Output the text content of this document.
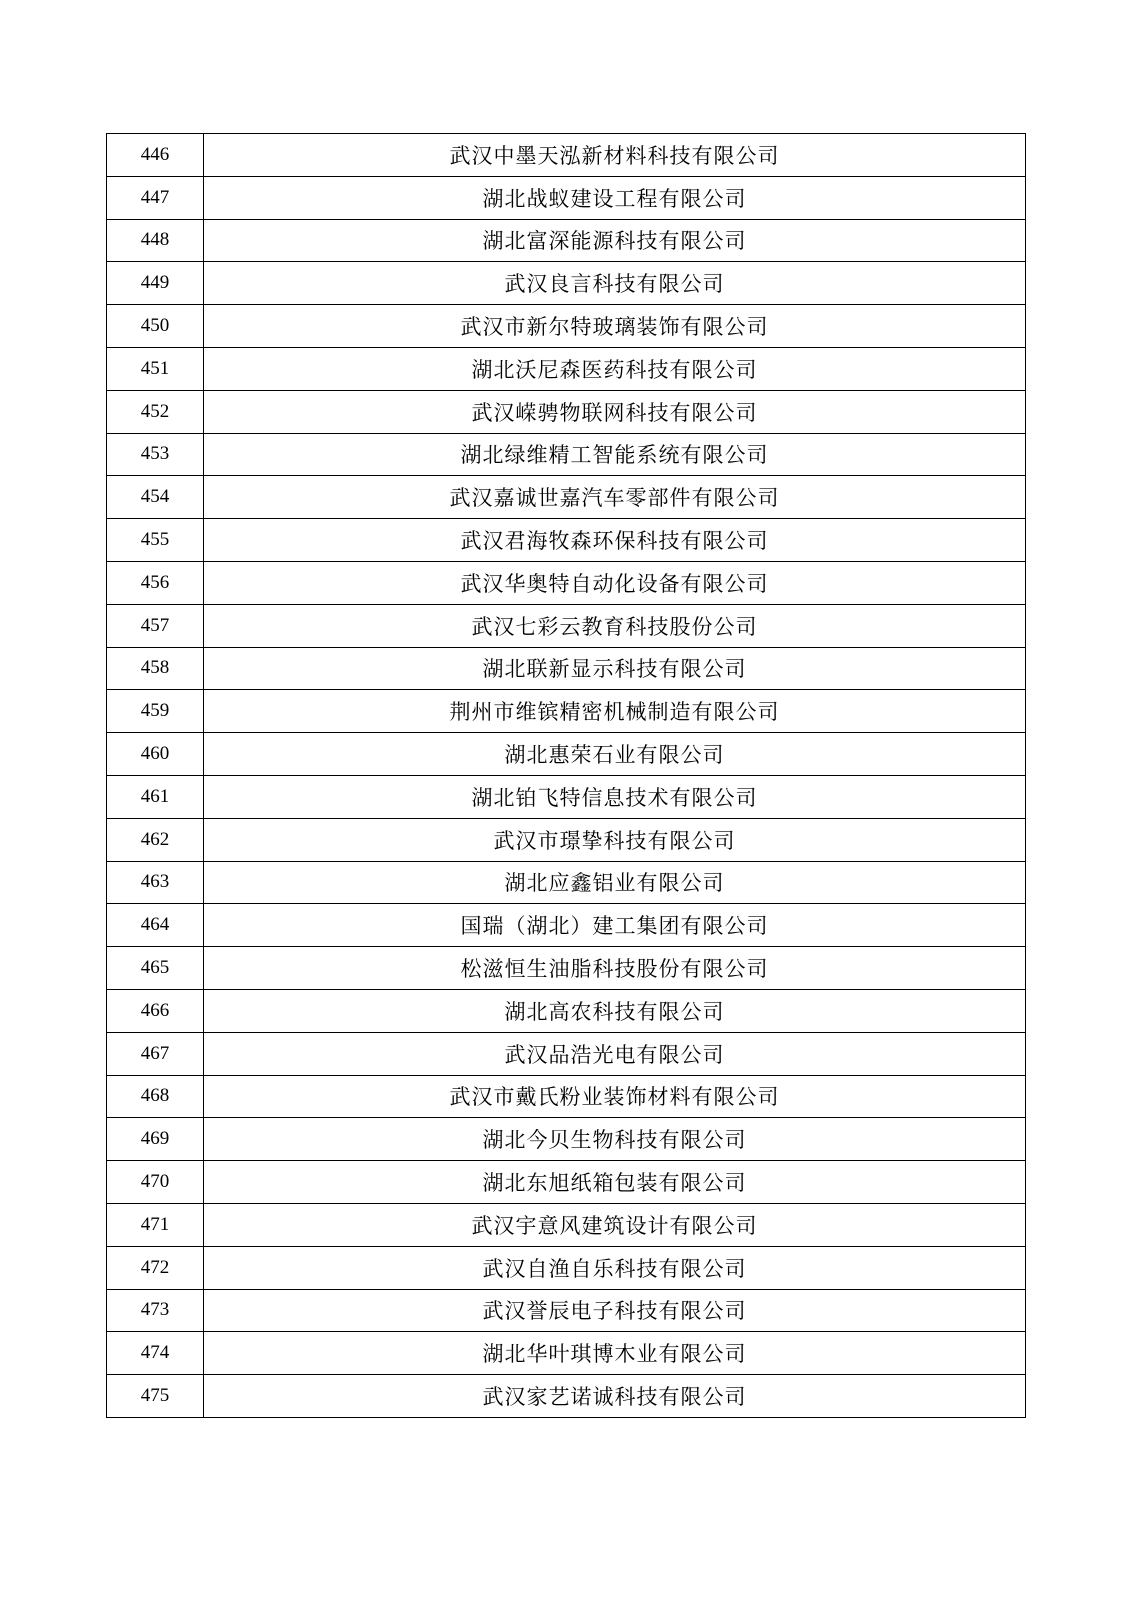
446	武汉中墨天泓新材料科技有限公司
447	湖北战蚁建设工程有限公司
448	湖北富深能源科技有限公司
449	武汉良言科技有限公司
450	武汉市新尔特玻璃装饰有限公司
451	湖北沃尼森医药科技有限公司
452	武汉嵘骋物联网科技有限公司
453	湖北绿维精工智能系统有限公司
454	武汉嘉诚世嘉汽车零部件有限公司
455	武汉君海牧森环保科技有限公司
456	武汉华奥特自动化设备有限公司
457	武汉七彩云教育科技股份公司
458	湖北联新显示科技有限公司
459	荆州市维镔精密机械制造有限公司
460	湖北惠荣石业有限公司
461	湖北铂飞特信息技术有限公司
462	武汉市璟挚科技有限公司
463	湖北应鑫铝业有限公司
464	国瑞（湖北）建工集团有限公司
465	松滋恒生油脂科技股份有限公司
466	湖北高农科技有限公司
467	武汉品浩光电有限公司
468	武汉市戴氏粉业装饰材料有限公司
469	湖北今贝生物科技有限公司
470	湖北东旭纸箱包装有限公司
471	武汉宇意风建筑设计有限公司
472	武汉自渔自乐科技有限公司
473	武汉誉辰电子科技有限公司
474	湖北华叶琪博木业有限公司
475	武汉家艺诺诚科技有限公司
